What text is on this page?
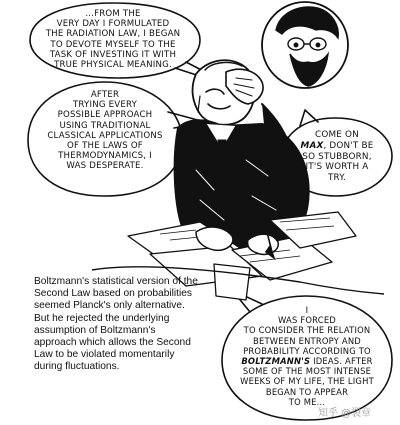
...FROM THE
VERY DAY I FORMULATED
THE RADIATION LAW, I BEGAN
TO DEVOTE MYSELF TO THE
TASK OF INVESTING IT WITH
TRUE PHYSICAL MEANING.
AFTER
TRYING EVERY
POSSIBLE APPROACH
USING TRADITIONAL
CLASSICAL APPLICATIONS
OF THE LAWS OF
THERMODYNAMICS, I
WAS DESPERATE.
COME ON
MAX, DON'T BE
SO STUBBORN,
IT'S WORTH A
TRY.
I
WAS FORCED
TO CONSIDER THE RELATION
BETWEEN ENTROPY AND
PROBABILITY ACCORDING TO
BOLTZMANN'S IDEAS. AFTER
SOME OF THE MOST INTENSE
WEEKS OF MY LIFE, THE LIGHT
BEGAN TO APPEAR
TO ME...
Boltzmann's statistical version of the
Second Law based on probabilities
seemed Planck's only alternative.
But he rejected the underlying
assumption of Boltzmann's
approach which allows the Second
Law to be violated momentarily
during fluctuations.
知乎 @裂章
